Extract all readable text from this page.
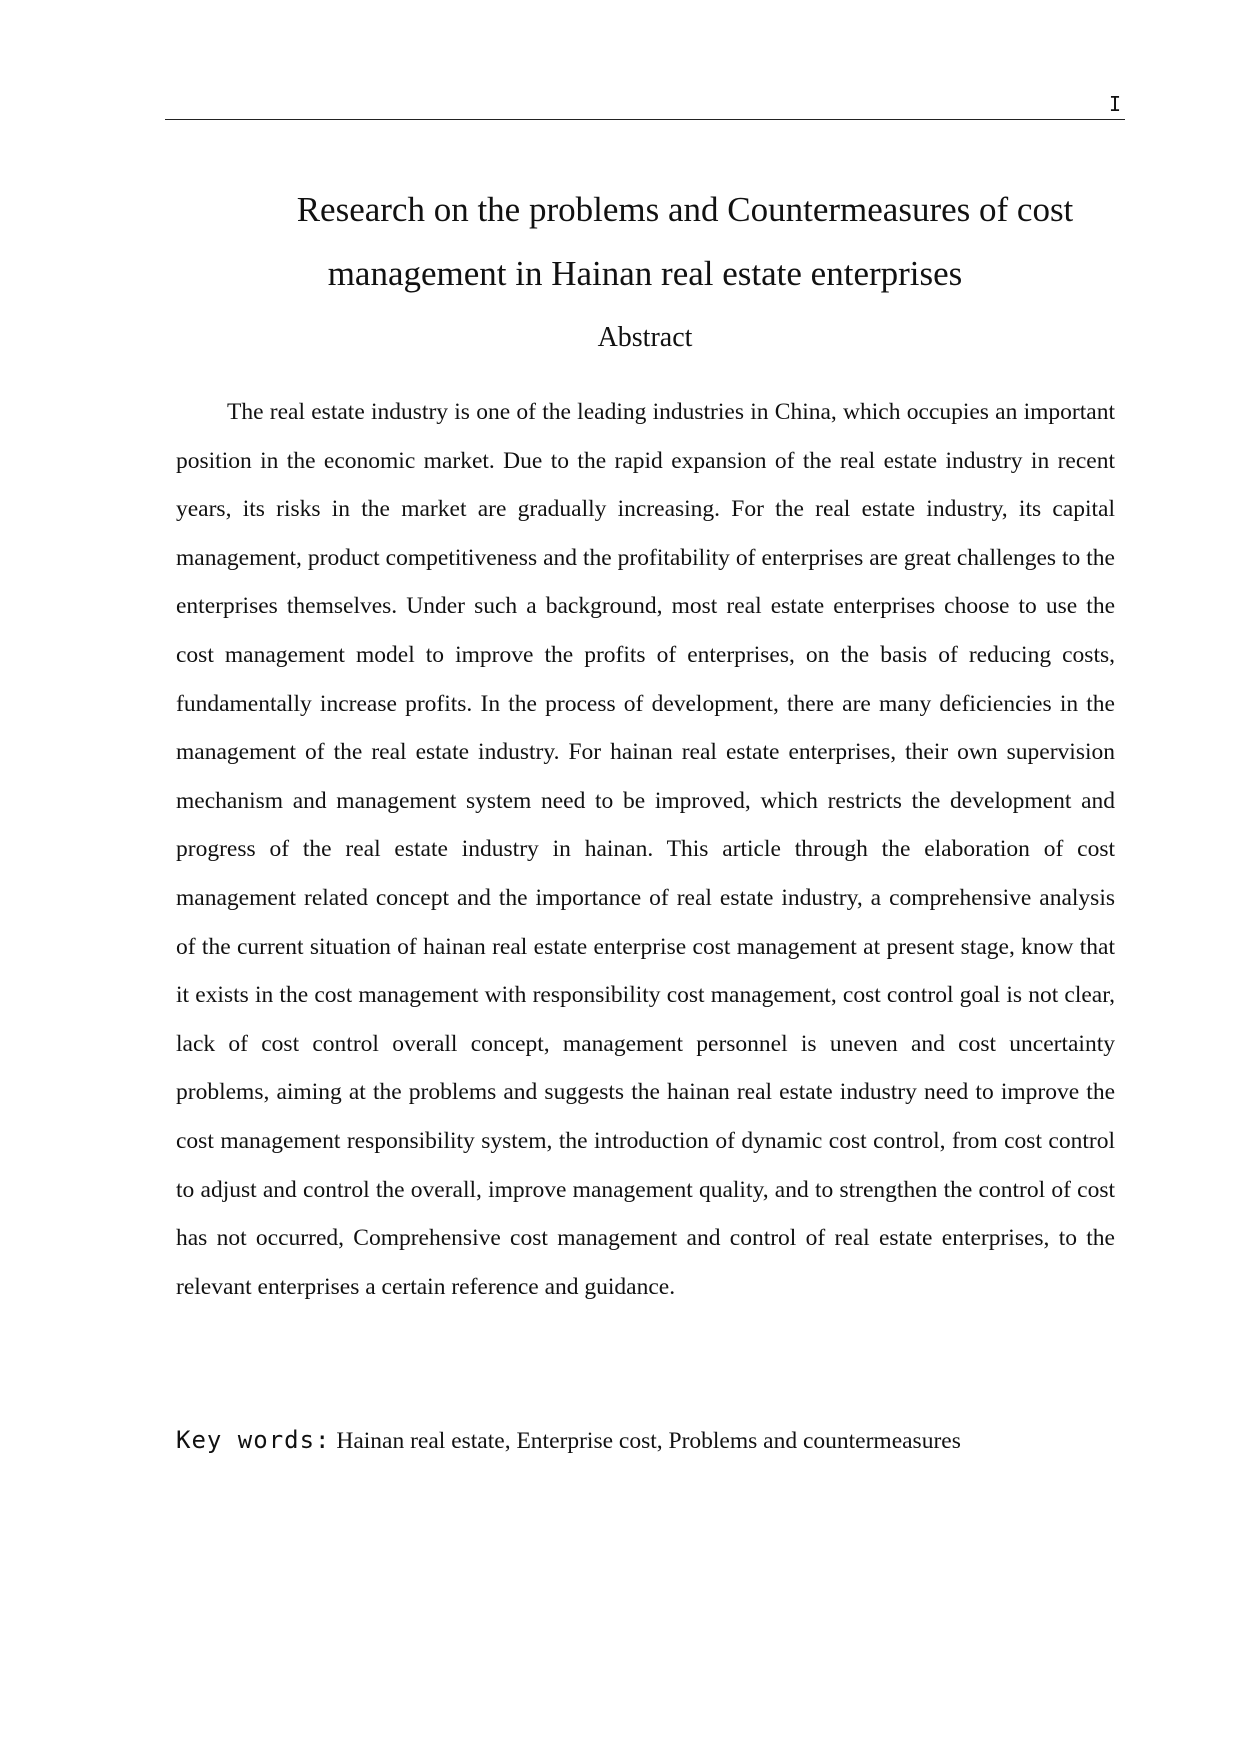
I
Research on the problems and Countermeasures of cost
management in Hainan real estate enterprises
Abstract

The real estate industry is one of the leading industries in China, which occupies an important position in the economic market. Due to the rapid expansion of the real estate industry in recent years, its risks in the market are gradually increasing. For the real estate industry, its capital management, product competitiveness and the profitability of enterprises are great challenges to the enterprises themselves. Under such a background, most real estate enterprises choose to use the cost management model to improve the profits of enterprises, on the basis of reducing costs, fundamentally increase profits. In the process of development, there are many deficiencies in the management of the real estate industry. For hainan real estate enterprises, their own supervision mechanism and management system need to be improved, which restricts the development and progress of the real estate industry in hainan. This article through the elaboration of cost management related concept and the importance of real estate industry, a comprehensive analysis of the current situation of hainan real estate enterprise cost management at present stage, know that it exists in the cost management with responsibility cost management, cost control goal is not clear, lack of cost control overall concept, management personnel is uneven and cost uncertainty problems, aiming at the problems and suggests the hainan real estate industry need to improve the cost management responsibility system, the introduction of dynamic cost control, from cost control to adjust and control the overall, improve management quality, and to strengthen the control of cost has not occurred, Comprehensive cost management and control of real estate enterprises, to the relevant enterprises a certain reference and guidance.

Key words: Hainan real estate, Enterprise cost, Problems and countermeasures
